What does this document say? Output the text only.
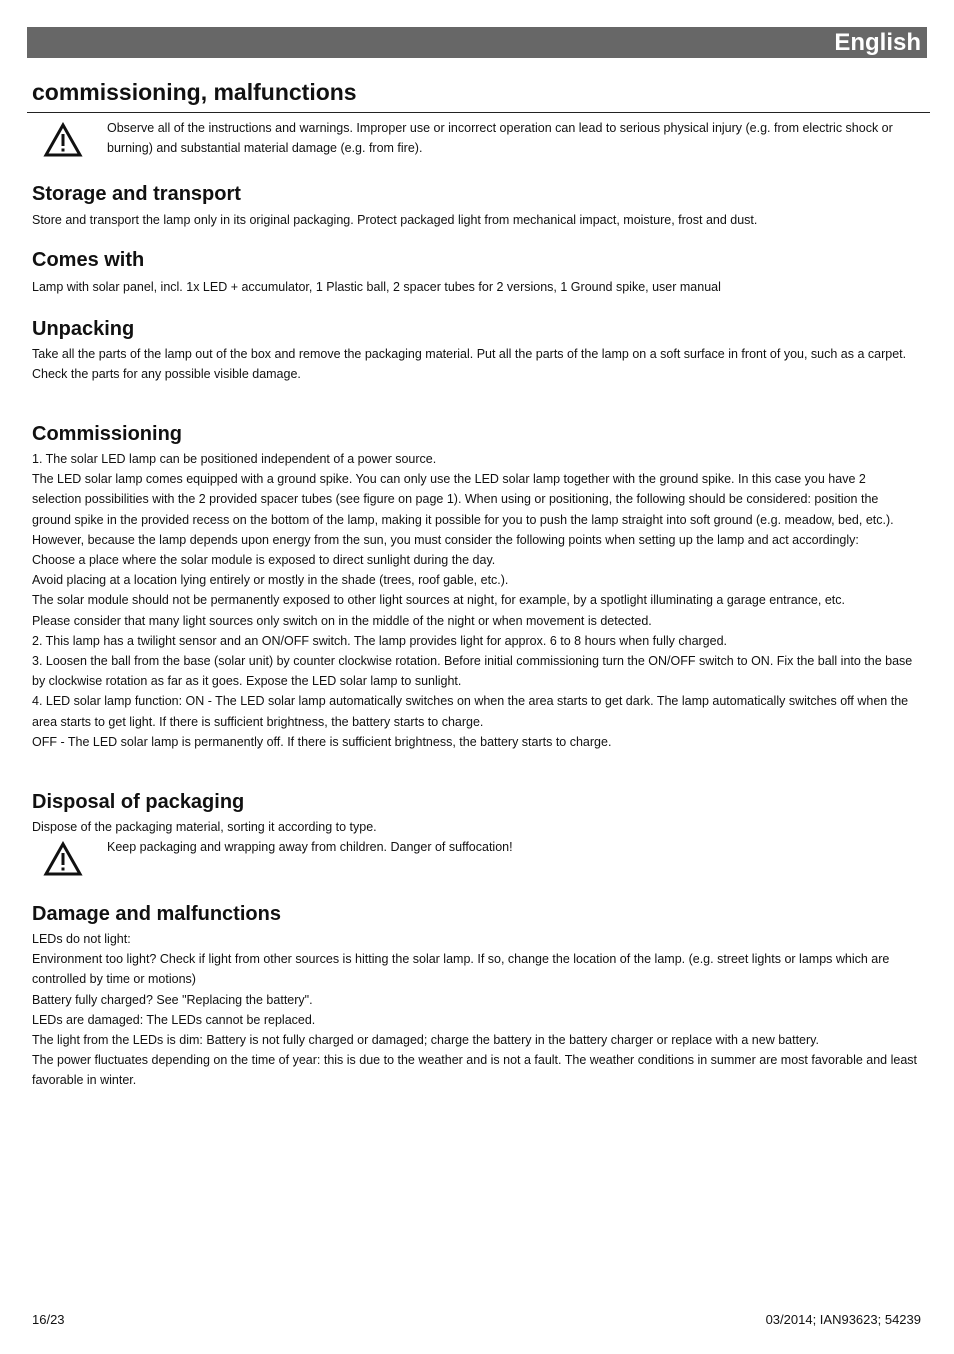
English
commissioning, malfunctions

Observe all of the instructions and warnings. Improper use or incorrect operation can lead to serious physical injury (e.g. from electric shock or burning) and substantial material damage (e.g. from fire).

Storage and transport

Store and transport the lamp only in its original packaging. Protect packaged light from mechanical impact, moisture, frost and dust.

Comes with

Lamp with solar panel, incl. 1x LED + accumulator, 1 Plastic ball, 2 spacer tubes for 2 versions, 1 Ground spike, user manual

Unpacking

Take all the parts of the lamp out of the box and remove the packaging material. Put all the parts of the lamp on a soft surface in front of you, such as a carpet. Check the parts for any possible visible damage.

Commissioning

1. The solar LED lamp can be positioned independent of a power source.

The LED solar lamp comes equipped with a ground spike. You can only use the LED solar lamp together with the ground spike. In this case you have 2 selection possibilities with the 2 provided spacer tubes (see figure on page 1). When using or positioning, the following should be considered: position the ground spike in the provided recess on the bottom of the lamp, making it possible for you to push the lamp straight into soft ground (e.g. meadow, bed, etc.).

However, because the lamp depends upon energy from the sun, you must consider the following points when setting up the lamp and act accordingly:

Choose a place where the solar module is exposed to direct sunlight during the day.

Avoid placing at a location lying entirely or mostly in the shade (trees, roof gable, etc.).

The solar module should not be permanently exposed to other light sources at night, for example, by a spotlight illuminating a garage entrance, etc.

Please consider that many light sources only switch on in the middle of the night or when movement is detected.

2. This lamp has a twilight sensor and an ON/OFF switch. The lamp provides light for approx. 6 to 8 hours when fully charged.

3. Loosen the ball from the base (solar unit) by counter clockwise rotation. Before initial commissioning turn the ON/OFF switch to ON. Fix the ball into the base by clockwise rotation as far as it goes. Expose the LED solar lamp to sunlight.

4. LED solar lamp function: ON - The LED solar lamp automatically switches on when the area starts to get dark. The lamp automatically switches off when the area starts to get light. If there is sufficient brightness, the battery starts to charge.

OFF - The LED solar lamp is permanently off. If there is sufficient brightness, the battery starts to charge.

Disposal of packaging

Dispose of the packaging material, sorting it according to type.

Keep packaging and wrapping away from children. Danger of suffocation!

Damage and malfunctions

LEDs do not light:

Environment too light? Check if light from other sources is hitting the solar lamp. If so, change the location of the lamp. (e.g. street lights or lamps which are controlled by time or motions)

Battery fully charged? See "Replacing the battery".

LEDs are damaged: The LEDs cannot be replaced.

The light from the LEDs is dim: Battery is not fully charged or damaged; charge the battery in the battery charger or replace with a new battery.

The power fluctuates depending on the time of year: this is due to the weather and is not a fault. The weather conditions in summer are most favorable and least favorable in winter.

16/23	03/2014; IAN93623; 54239
